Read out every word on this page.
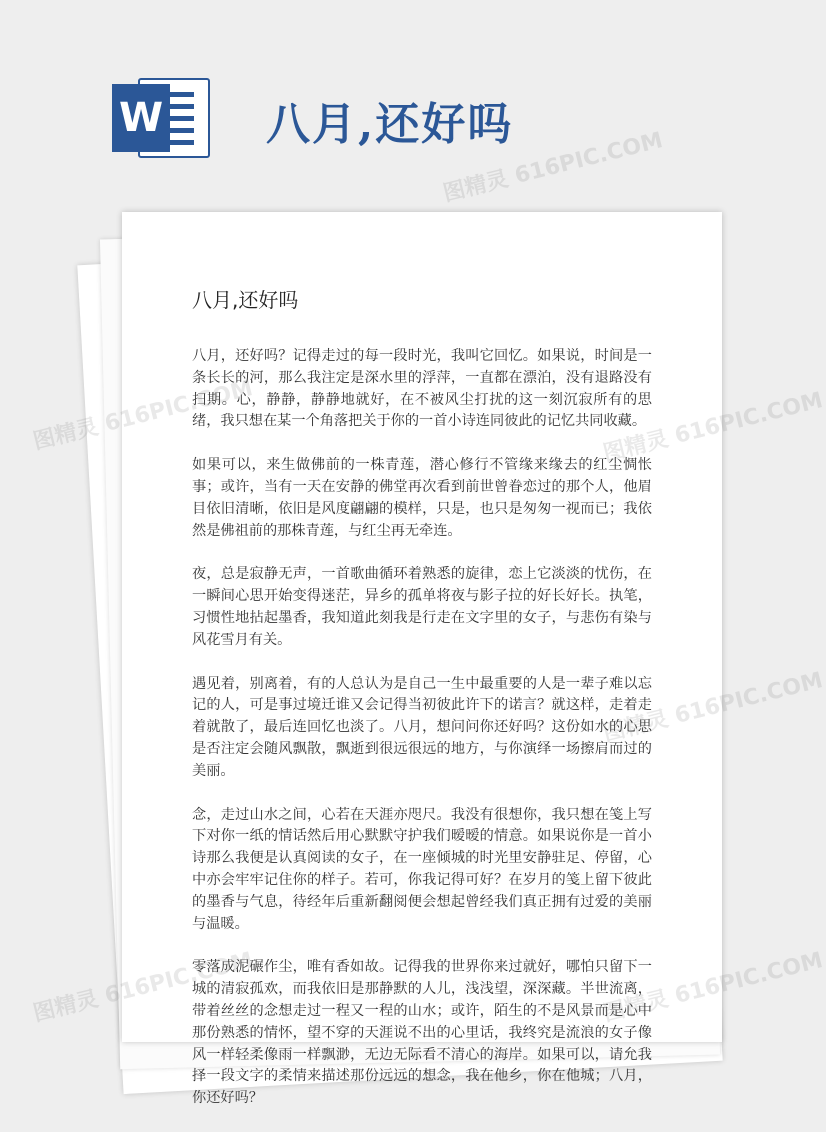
W 八月,还好吗
八月,还好吗

八月，还好吗？记得走过的每一段时光，我叫它回忆。如果说，时间是一条长长的河，那么我注定是深水里的浮萍，一直都在漂泊，没有退路没有扫期。心，静静，静静地就好，在不被风尘打扰的这一刻沉寂所有的思绪，我只想在某一个角落把关于你的一首小诗连同彼此的记忆共同收藏。

如果可以，来生做佛前的一株青莲，潜心修行不管缘来缘去的红尘惆怅事；或许，当有一天在安静的佛堂再次看到前世曾眷恋过的那个人，他眉目依旧清晰，依旧是风度翩翩的模样，只是，也只是匆匆一视而已；我依然是佛祖前的那株青莲，与红尘再无牵连。

夜，总是寂静无声，一首歌曲循环着熟悉的旋律，恋上它淡淡的忧伤，在一瞬间心思开始变得迷茫，异乡的孤单将夜与影子拉的好长好长。执笔，习惯性地拈起墨香，我知道此刻我是行走在文字里的女子，与悲伤有染与风花雪月有关。

遇见着，别离着，有的人总认为是自己一生中最重要的人是一辈子难以忘记的人，可是事过境迁谁又会记得当初彼此许下的诺言？就这样，走着走着就散了，最后连回忆也淡了。八月，想问问你还好吗？这份如水的心思是否注定会随风飘散，飘逝到很远很远的地方，与你演绎一场擦肩而过的美丽。

念，走过山水之间，心若在天涯亦咫尺。我没有很想你，我只想在笺上写下对你一纸的情话然后用心默默守护我们暧暧的情意。如果说你是一首小诗那么我便是认真阅读的女子，在一座倾城的时光里安静驻足、停留，心中亦会牢牢记住你的样子。若可，你我记得可好？在岁月的笺上留下彼此的墨香与气息，待经年后重新翻阅便会想起曾经我们真正拥有过爱的美丽与温暖。

零落成泥碾作尘，唯有香如故。记得我的世界你来过就好，哪怕只留下一城的清寂孤欢，而我依旧是那静默的人儿，浅浅望，深深藏。半世流离，带着丝丝的念想走过一程又一程的山水；或许，陌生的不是风景而是心中那份熟悉的情怀，望不穿的天涯说不出的心里话，我终究是流浪的女子像风一样轻柔像雨一样飘渺，无边无际看不清心的海岸。如果可以，请允我择一段文字的柔情来描述那份远远的想念，我在他乡，你在他城；八月，你还好吗？

图精灵 616PIC.COM
图精灵	616PIC.COM
616PIC.COM
图精灵	616PIC.COM
